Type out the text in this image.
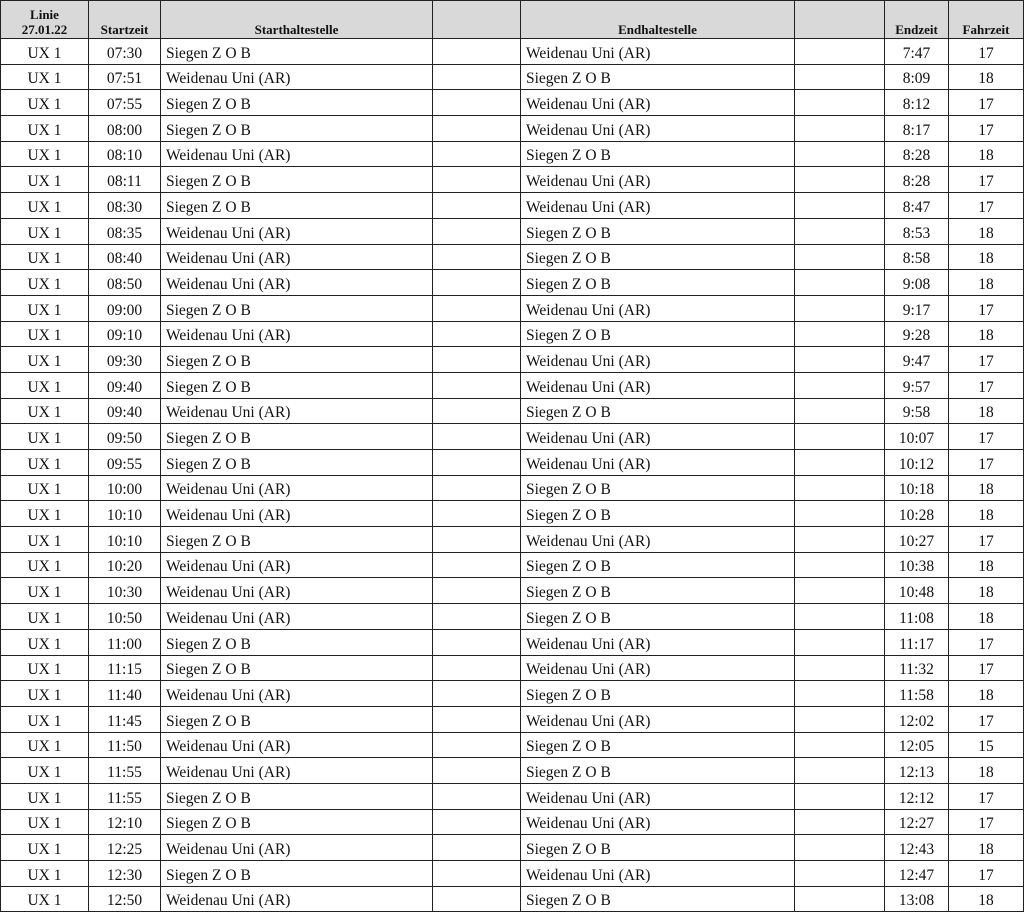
Linie
27.01.22	Startzeit	Starthaltestelle		Endhaltestelle		Endzeit	Fahrzeit
UX 1	07:30	Siegen Z O B		Weidenau Uni (AR)		7:47	17
UX 1	07:51	Weidenau Uni (AR)		Siegen Z O B		8:09	18
UX 1	07:55	Siegen Z O B		Weidenau Uni (AR)		8:12	17
UX 1	08:00	Siegen Z O B		Weidenau Uni (AR)		8:17	17
UX 1	08:10	Weidenau Uni (AR)		Siegen Z O B		8:28	18
UX 1	08:11	Siegen Z O B		Weidenau Uni (AR)		8:28	17
UX 1	08:30	Siegen Z O B		Weidenau Uni (AR)		8:47	17
UX 1	08:35	Weidenau Uni (AR)		Siegen Z O B		8:53	18
UX 1	08:40	Weidenau Uni (AR)		Siegen Z O B		8:58	18
UX 1	08:50	Weidenau Uni (AR)		Siegen Z O B		9:08	18
UX 1	09:00	Siegen Z O B		Weidenau Uni (AR)		9:17	17
UX 1	09:10	Weidenau Uni (AR)		Siegen Z O B		9:28	18
UX 1	09:30	Siegen Z O B		Weidenau Uni (AR)		9:47	17
UX 1	09:40	Siegen Z O B		Weidenau Uni (AR)		9:57	17
UX 1	09:40	Weidenau Uni (AR)		Siegen Z O B		9:58	18
UX 1	09:50	Siegen Z O B		Weidenau Uni (AR)		10:07	17
UX 1	09:55	Siegen Z O B		Weidenau Uni (AR)		10:12	17
UX 1	10:00	Weidenau Uni (AR)		Siegen Z O B		10:18	18
UX 1	10:10	Weidenau Uni (AR)		Siegen Z O B		10:28	18
UX 1	10:10	Siegen Z O B		Weidenau Uni (AR)		10:27	17
UX 1	10:20	Weidenau Uni (AR)		Siegen Z O B		10:38	18
UX 1	10:30	Weidenau Uni (AR)		Siegen Z O B		10:48	18
UX 1	10:50	Weidenau Uni (AR)		Siegen Z O B		11:08	18
UX 1	11:00	Siegen Z O B		Weidenau Uni (AR)		11:17	17
UX 1	11:15	Siegen Z O B		Weidenau Uni (AR)		11:32	17
UX 1	11:40	Weidenau Uni (AR)		Siegen Z O B		11:58	18
UX 1	11:45	Siegen Z O B		Weidenau Uni (AR)		12:02	17
UX 1	11:50	Weidenau Uni (AR)		Siegen Z O B		12:05	15
UX 1	11:55	Weidenau Uni (AR)		Siegen Z O B		12:13	18
UX 1	11:55	Siegen Z O B		Weidenau Uni (AR)		12:12	17
UX 1	12:10	Siegen Z O B		Weidenau Uni (AR)		12:27	17
UX 1	12:25	Weidenau Uni (AR)		Siegen Z O B		12:43	18
UX 1	12:30	Siegen Z O B		Weidenau Uni (AR)		12:47	17
UX 1	12:50	Weidenau Uni (AR)		Siegen Z O B		13:08	18
